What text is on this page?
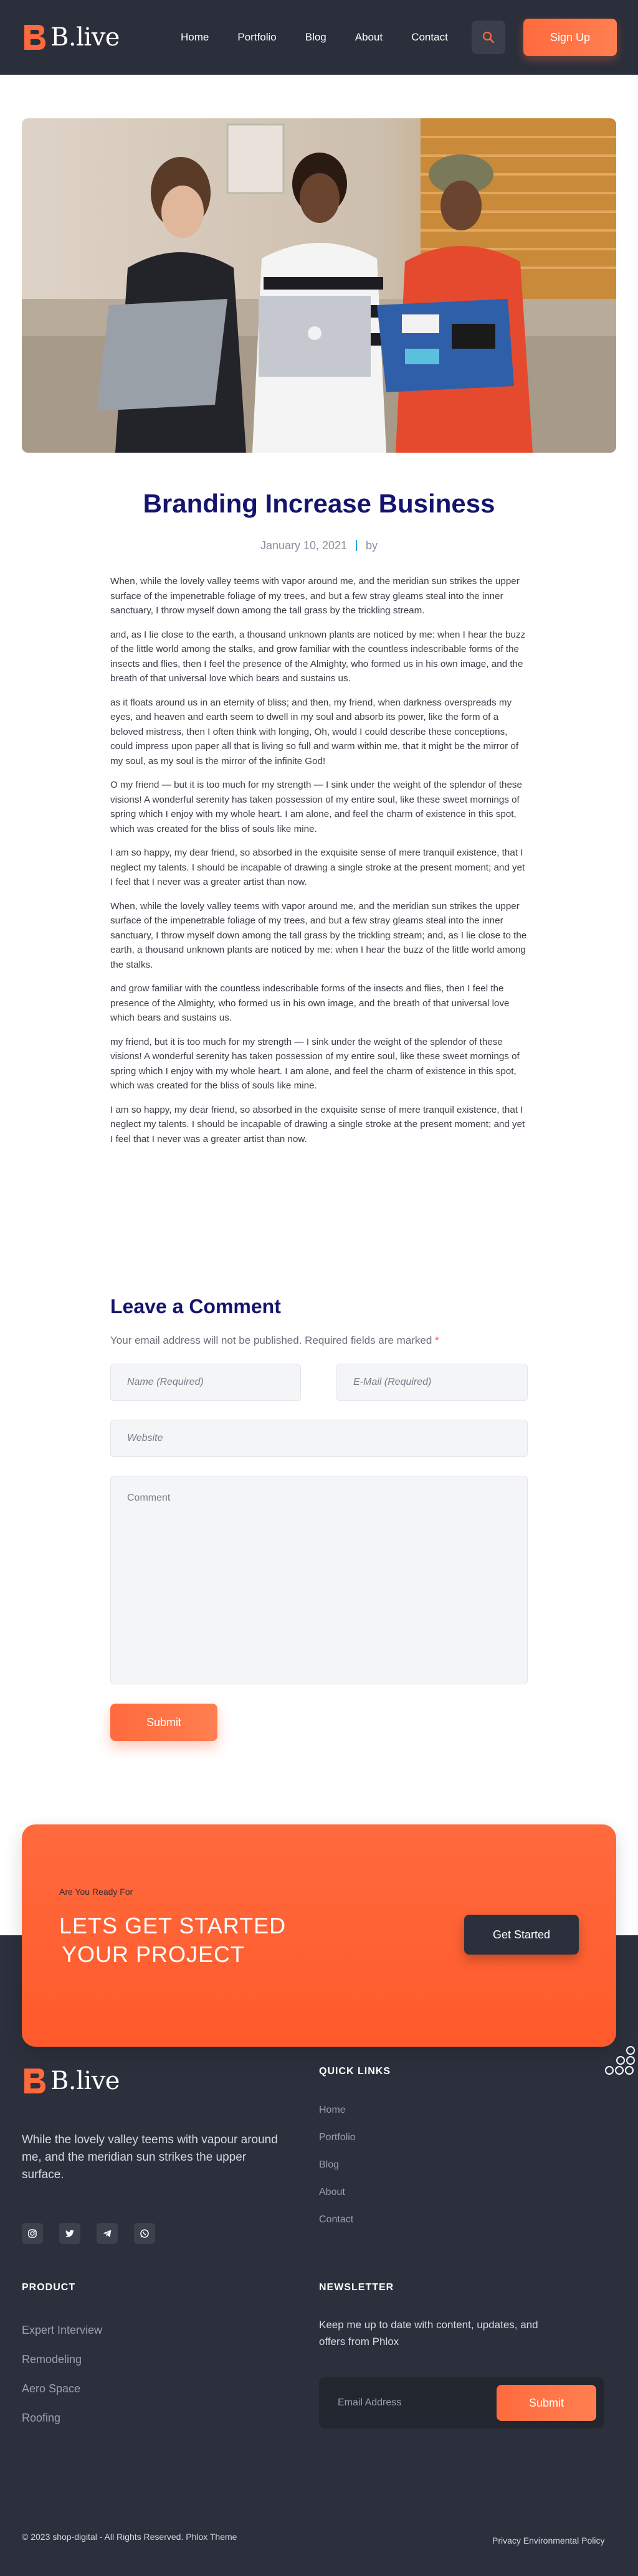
B.live	Home	Portfolio	Blog	About	Contact	Sign Up
Branding Increase Business
January 10, 2021 by

When, while the lovely valley teems with vapor around me, and the meridian sun strikes the upper surface of the impenetrable foliage of my trees, and but a few stray gleams steal into the inner sanctuary, I throw myself down among the tall grass by the trickling stream.

and, as I lie close to the earth, a thousand unknown plants are noticed by me: when I hear the buzz of the little world among the stalks, and grow familiar with the countless indescribable forms of the insects and flies, then I feel the presence of the Almighty, who formed us in his own image, and the breath of that universal love which bears and sustains us.

as it floats around us in an eternity of bliss; and then, my friend, when darkness overspreads my eyes, and heaven and earth seem to dwell in my soul and absorb its power, like the form of a beloved mistress, then I often think with longing, Oh, would I could describe these conceptions, could impress upon paper all that is living so full and warm within me, that it might be the mirror of my soul, as my soul is the mirror of the infinite God!

O my friend — but it is too much for my strength — I sink under the weight of the splendor of these visions! A wonderful serenity has taken possession of my entire soul, like these sweet mornings of spring which I enjoy with my whole heart. I am alone, and feel the charm of existence in this spot, which was created for the bliss of souls like mine.

I am so happy, my dear friend, so absorbed in the exquisite sense of mere tranquil existence, that I neglect my talents. I should be incapable of drawing a single stroke at the present moment; and yet I feel that I never was a greater artist than now.

When, while the lovely valley teems with vapor around me, and the meridian sun strikes the upper surface of the impenetrable foliage of my trees, and but a few stray gleams steal into the inner sanctuary, I throw myself down among the tall grass by the trickling stream; and, as I lie close to the earth, a thousand unknown plants are noticed by me: when I hear the buzz of the little world among the stalks.

and grow familiar with the countless indescribable forms of the insects and flies, then I feel the presence of the Almighty, who formed us in his own image, and the breath of that universal love which bears and sustains us.

my friend, but it is too much for my strength — I sink under the weight of the splendor of these visions! A wonderful serenity has taken possession of my entire soul, like these sweet mornings of spring which I enjoy with my whole heart. I am alone, and feel the charm of existence in this spot, which was created for the bliss of souls like mine.

I am so happy, my dear friend, so absorbed in the exquisite sense of mere tranquil existence, that I neglect my talents. I should be incapable of drawing a single stroke at the present moment; and yet I feel that I never was a greater artist than now.

Leave a Comment
Your email address will not be published. Required fields are marked *
Name (Required)	E-Mail (Required)
Website
Comment
Submit
Are You Ready For
LETS GET STARTED
YOUR PROJECT
Get Started
B.live
While the lovely valley teems with vapour around me, and the meridian sun strikes the upper surface.
QUICK LINKS
Home
Portfolio
Blog
About
Contact
PRODUCT
Expert Interview
Remodeling
Aero Space
Roofing
NEWSLETTER
Keep me up to date with content, updates, and offers from Phlox
Email Address	Submit
© 2023 shop-digital - All Rights Reserved. Phlox Theme	Privacy Environmental Policy
